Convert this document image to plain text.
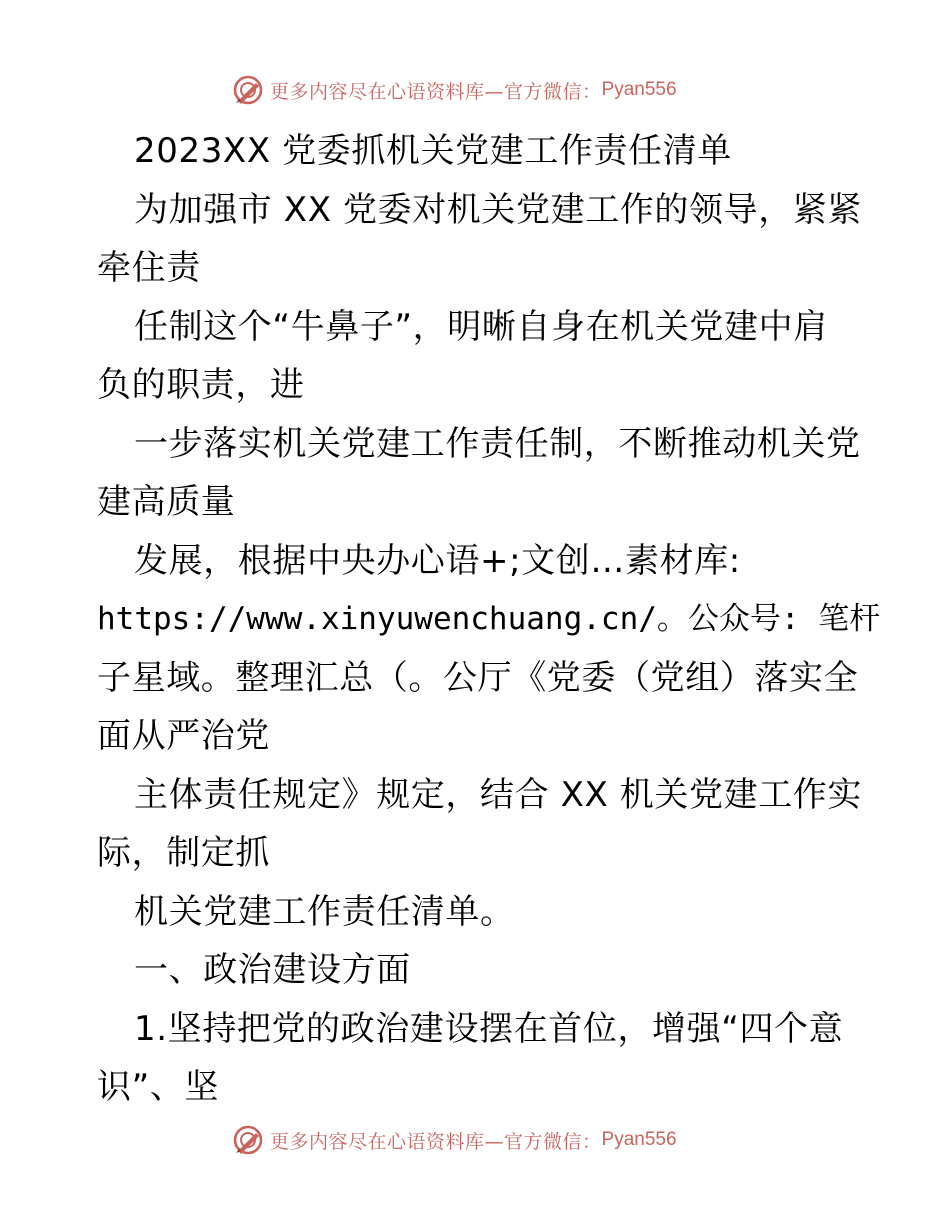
更多内容尽在心语资料库—官方微信： Pyan556
2023XX 党委抓机关党建工作责任清单
为加强市 XX 党委对机关党建工作的领导，紧紧
牵住责
任制这个“牛鼻子”，明晰自身在机关党建中肩
负的职责，进
一步落实机关党建工作责任制，不断推动机关党
建高质量
发展，根据中央办心语+;文创…素材库:
https://www.xinyuwenchuang.cn/。公众号: 笔杆
子星域。整理汇总（。公厅《党委（党组）落实全
面从严治党
主体责任规定》规定，结合 XX 机关党建工作实
际，制定抓
机关党建工作责任清单。
一、政治建设方面
1.坚持把党的政治建设摆在首位，增强“四个意
识”、坚
更多内容尽在心语资料库—官方微信： Pyan556
